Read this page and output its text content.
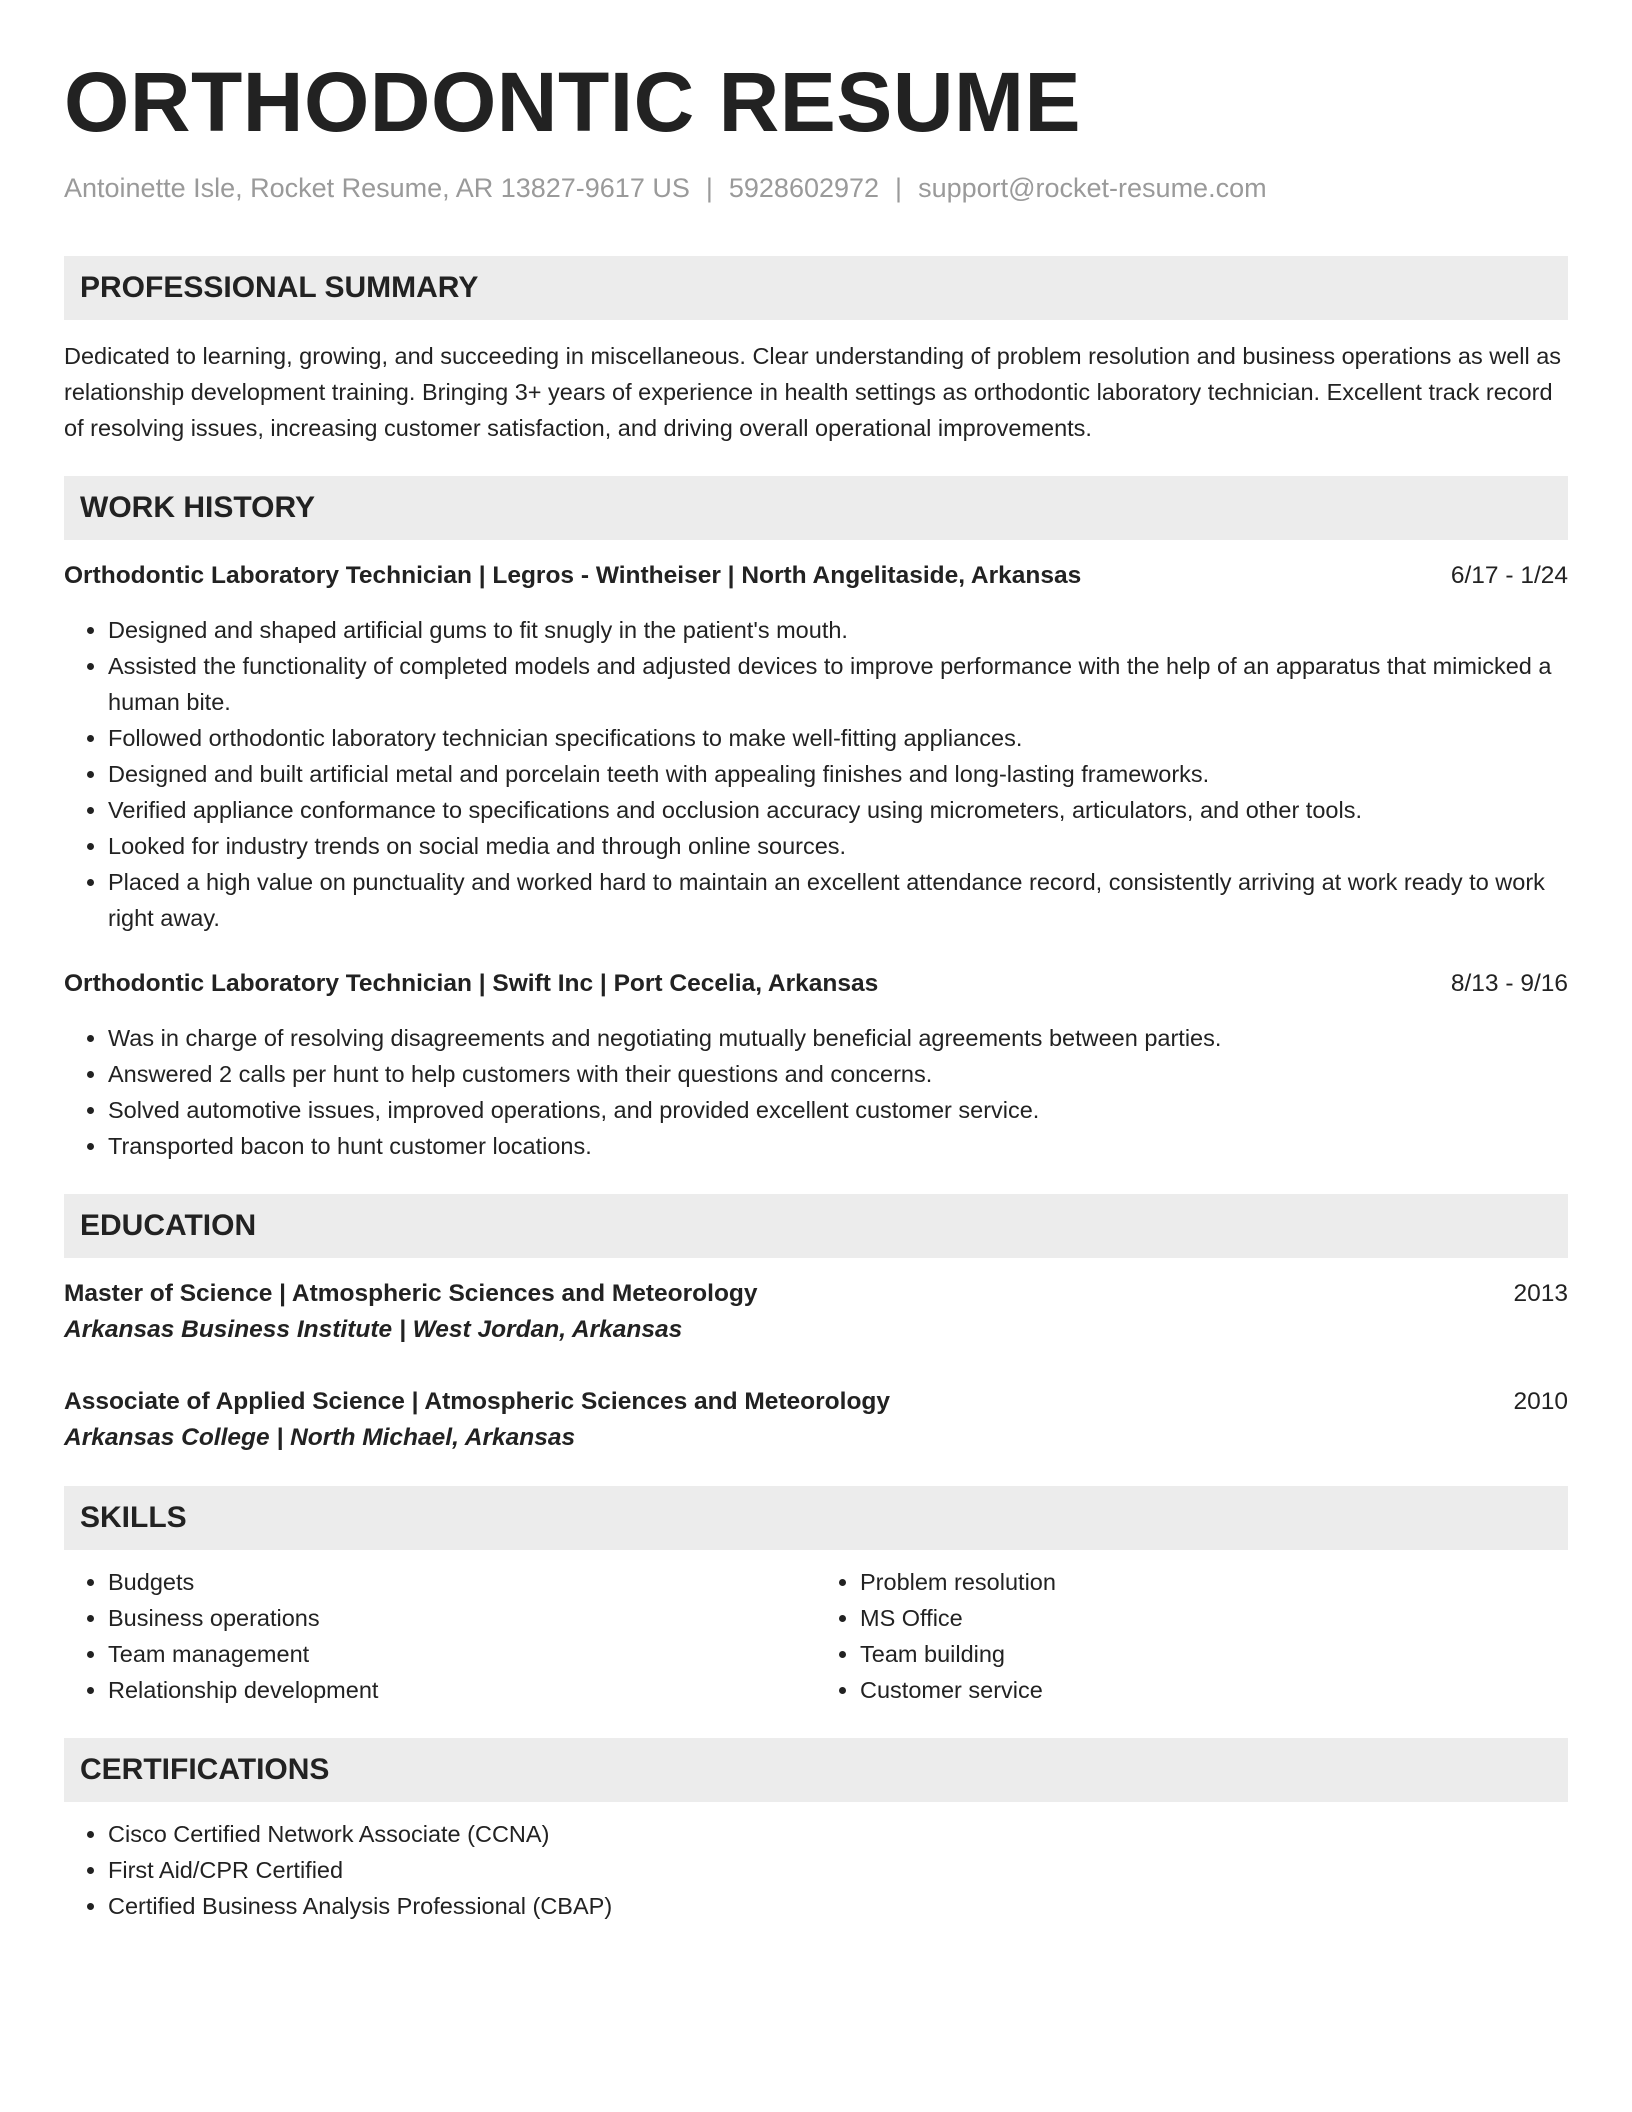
ORTHODONTIC RESUME
Antoinette Isle, Rocket Resume, AR 13827-9617 US | 5928602972 | support@rocket-resume.com
PROFESSIONAL SUMMARY

Dedicated to learning, growing, and succeeding in miscellaneous. Clear understanding of problem resolution and business operations as well as relationship development training. Bringing 3+ years of experience in health settings as orthodontic laboratory technician. Excellent track record of resolving issues, increasing customer satisfaction, and driving overall operational improvements.

WORK HISTORY
Orthodontic Laboratory Technician | Legros - Wintheiser | North Angelitaside, Arkansas	6/17 - 1/24
• Designed and shaped artificial gums to fit snugly in the patient's mouth.
• Assisted the functionality of completed models and adjusted devices to improve performance with the help of an apparatus that mimicked a human bite.
• Followed orthodontic laboratory technician specifications to make well-fitting appliances.
• Designed and built artificial metal and porcelain teeth with appealing finishes and long-lasting frameworks.
• Verified appliance conformance to specifications and occlusion accuracy using micrometers, articulators, and other tools.
• Looked for industry trends on social media and through online sources.
• Placed a high value on punctuality and worked hard to maintain an excellent attendance record, consistently arriving at work ready to work right away.
Orthodontic Laboratory Technician | Swift Inc | Port Cecelia, Arkansas	8/13 - 9/16
• Was in charge of resolving disagreements and negotiating mutually beneficial agreements between parties.
• Answered 2 calls per hunt to help customers with their questions and concerns.
• Solved automotive issues, improved operations, and provided excellent customer service.
• Transported bacon to hunt customer locations.
EDUCATION
Master of Science | Atmospheric Sciences and Meteorology	2013
Arkansas Business Institute | West Jordan, Arkansas
Associate of Applied Science | Atmospheric Sciences and Meteorology	2010
Arkansas College | North Michael, Arkansas
SKILLS
• Budgets
• Business operations
• Team management
• Relationship development
• Problem resolution
• MS Office
• Team building
• Customer service
CERTIFICATIONS
• Cisco Certified Network Associate (CCNA)
• First Aid/CPR Certified
• Certified Business Analysis Professional (CBAP)
